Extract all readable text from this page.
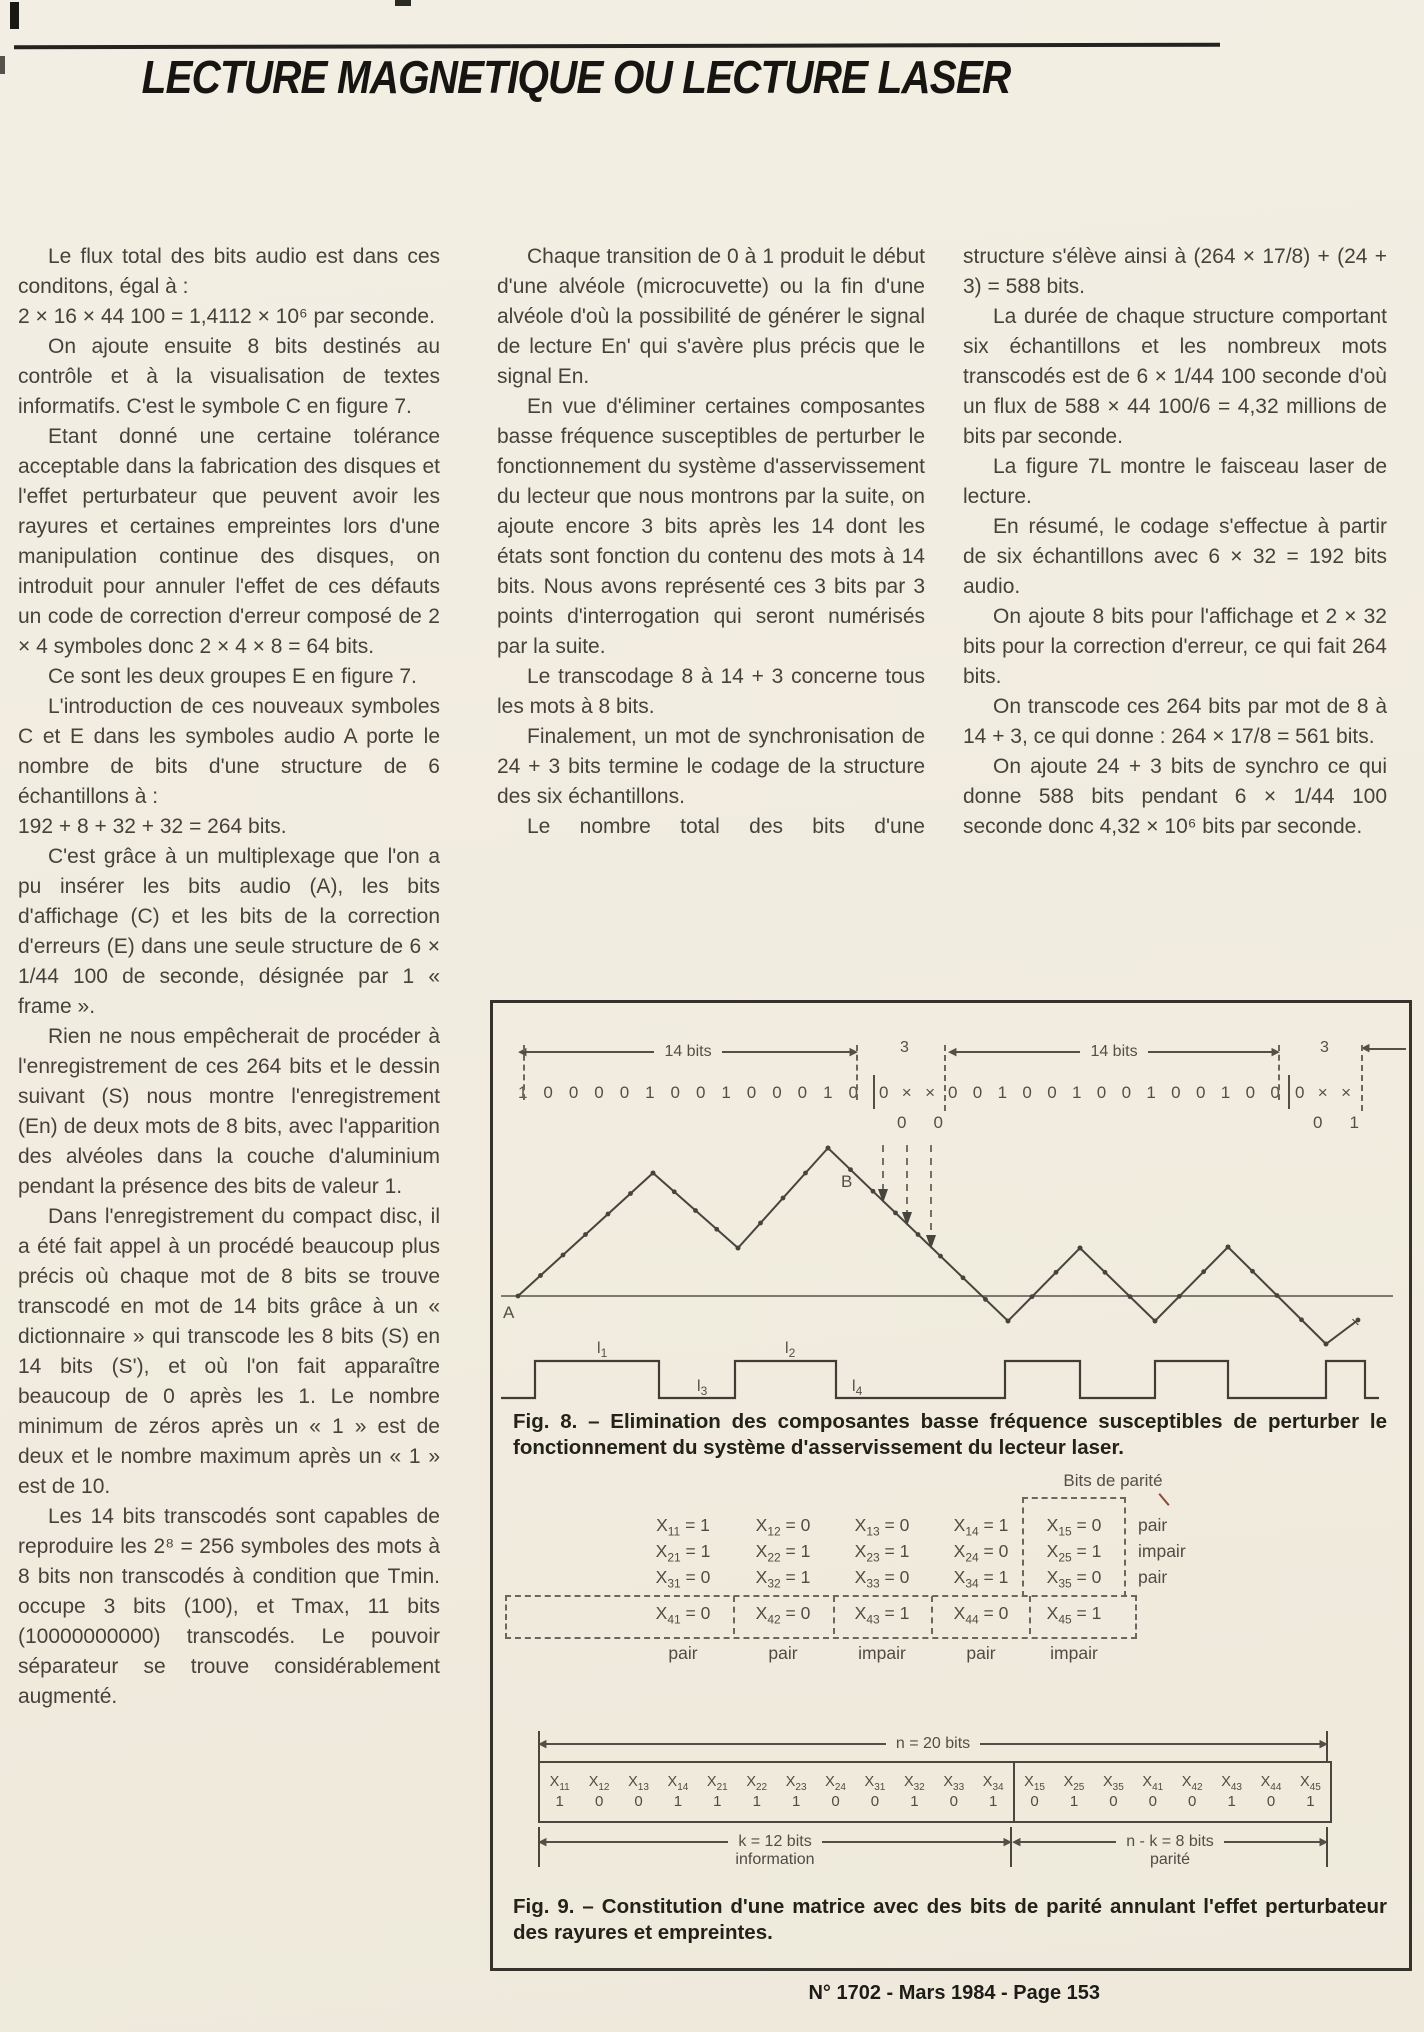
LECTURE MAGNETIQUE OU LECTURE LASER

Le flux total des bits audio est dans ces conditons, égal à :

2 × 16 × 44 100 = 1,4112 × 10⁶ par seconde.

On ajoute ensuite 8 bits destinés au contrôle et à la visualisation de textes informatifs. C'est le symbole C en figure 7.

Etant donné une certaine tolérance acceptable dans la fabrication des disques et l'effet perturbateur que peuvent avoir les rayures et certaines empreintes lors d'une manipulation continue des disques, on introduit pour annuler l'effet de ces défauts un code de correction d'erreur composé de 2 × 4 symboles donc 2 × 4 × 8 = 64 bits.

Ce sont les deux groupes E en figure 7.

L'introduction de ces nouveaux symboles C et E dans les symboles audio A porte le nombre de bits d'une structure de 6 échantillons à :

192 + 8 + 32 + 32 = 264 bits.

C'est grâce à un multiplexage que l'on a pu insérer les bits audio (A), les bits d'affichage (C) et les bits de la correction d'erreurs (E) dans une seule structure de 6 × 1/44 100 de seconde, désignée par 1 « frame ».

Rien ne nous empêcherait de procéder à l'enregistrement de ces 264 bits et le dessin suivant (S) nous montre l'enregistrement (En) de deux mots de 8 bits, avec l'apparition des alvéoles dans la couche d'aluminium pendant la présence des bits de valeur 1.

Dans l'enregistrement du compact disc, il a été fait appel à un procédé beaucoup plus précis où chaque mot de 8 bits se trouve transcodé en mot de 14 bits grâce à un « dictionnaire » qui transcode les 8 bits (S) en 14 bits (S'), et où l'on fait apparaître beaucoup de 0 après les 1. Le nombre minimum de zéros après un « 1 » est de deux et le nombre maximum après un « 1 » est de 10.

Les 14 bits transcodés sont capables de reproduire les 2⁸ = 256 symboles des mots à 8 bits non transcodés à condition que Tmin. occupe 3 bits (100), et Tmax, 11 bits (10000000000) transcodés. Le pouvoir séparateur se trouve considérablement augmenté.

Chaque transition de 0 à 1 produit le début d'une alvéole (microcuvette) ou la fin d'une alvéole d'où la possibilité de générer le signal de lecture En' qui s'avère plus précis que le signal En.

En vue d'éliminer certaines composantes basse fréquence susceptibles de perturber le fonctionnement du système d'asservissement du lecteur que nous montrons par la suite, on ajoute encore 3 bits après les 14 dont les états sont fonction du contenu des mots à 14 bits. Nous avons représenté ces 3 bits par 3 points d'interrogation qui seront numérisés par la suite.

Le transcodage 8 à 14 + 3 concerne tous les mots à 8 bits.

Finalement, un mot de synchronisation de 24 + 3 bits termine le codage de la structure des six échantillons.

Le nombre total des bits d'une

structure s'élève ainsi à (264 × 17/8) + (24 + 3) = 588 bits.

La durée de chaque structure comportant six échantillons et les nombreux mots transcodés est de 6 × 1/44 100 seconde d'où un flux de 588 × 44 100/6 = 4,32 millions de bits par seconde.

La figure 7L montre le faisceau laser de lecture.

En résumé, le codage s'effectue à partir de six échantillons avec 6 × 32 = 192 bits audio.

On ajoute 8 bits pour l'affichage et 2 × 32 bits pour la correction d'erreur, ce qui fait 264 bits.

On transcode ces 264 bits par mot de 8 à 14 + 3, ce qui donne : 264 × 17/8 = 561 bits.

On ajoute 24 + 3 bits de synchro ce qui donne 588 bits pendant 6 × 1/44 100 seconde donc 4,32 × 10⁶ bits par seconde.

◀	14 bits	▶	3	◀	14 bits	▶ 3	◀
1 0 0 0 0 1 0 0 1 0 0 0 1 0 0 × ×
0 0
0 0 1 0 0 1 0 0 1 0 0 1 0 0 0 × ×
0 1
A
B
×
$l_1$
$l_3$
$l_2$
$l_4$
Fig. 8. – Elimination des composantes basse fréquence susceptibles de perturber le fonctionnement du système d'asservissement du lecteur laser.
Bits de parité
$X_{11} = 1$	$X_{12} = 0$	$X_{13} = 0$	$X_{14} = 1$	$X_{15} = 0$
$X_{21} = 1$	$X_{22} = 1$	$X_{23} = 1$	$X_{24} = 0$	$X_{25} = 1$
$X_{31} = 0$	$X_{32} = 1$	$X_{33} = 0$	$X_{34} = 1$	$X_{35} = 0$
$X_{41} = 0$	$X_{42} = 0$	$X_{43} = 1$	$X_{44} = 0$	$X_{45} = 1$
pair
impair
pair
pair	pair	impair	pair	impair
◀	n = 20 bits	▶
$X_{11}$
1
$X_{12}$
0
$X_{13}$
0
$X_{14}$
1
$X_{21}$
1
$X_{22}$
1
$X_{23}$
1
$X_{24}$
0
$X_{31}$
0
$X_{32}$
1
$X_{33}$
0
$X_{34}$
1
$X_{15}$
0
$X_{25}$
1
$X_{35}$
0
$X_{41}$
0
$X_{42}$
0
$X_{43}$
1
$X_{44}$
0
$X_{45}$
1
◀	k = 12 bits	▶
information
◀	n - k = 8 bits	▶
parité
Fig. 9. – Constitution d'une matrice avec des bits de parité annulant l'effet perturbateur des rayures et empreintes.
N° 1702 - Mars 1984 - Page 153
